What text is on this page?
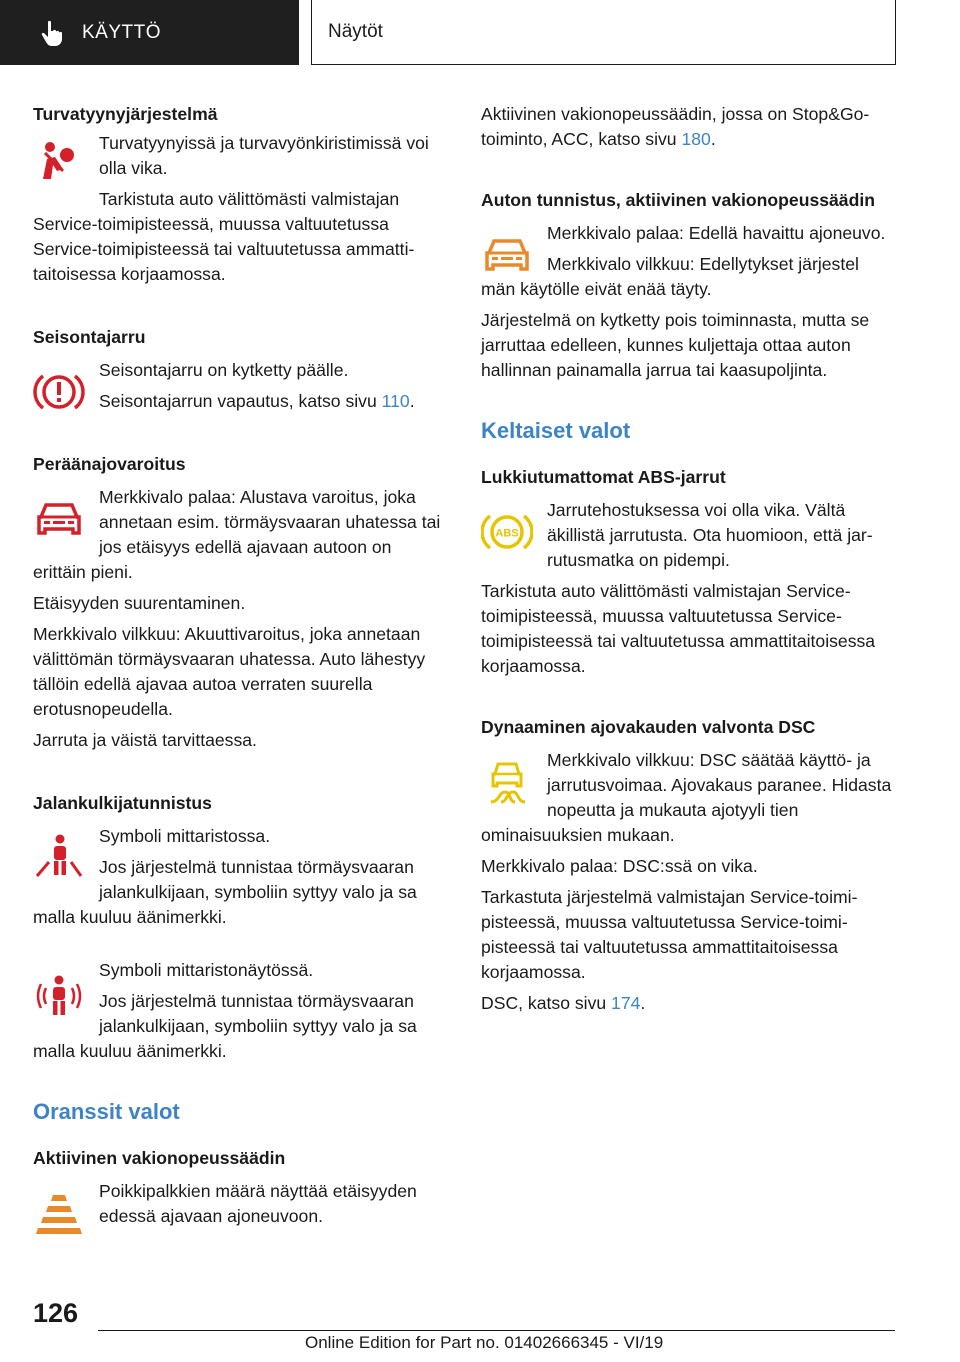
KÄYTTÖ	Näytöt
Turvatyynyjärjestelmä

Turvatyynyissä ja turvavyönkiristimissä voi olla vika.

Tarkistuta auto välittömästi valmistajan

Service-toimipisteessä, muussa valtuutetussa Service-toimipisteessä tai valtuutetussa ammattitaitoisessa korjaamossa.

Seisontajarru

Seisontajarru on kytketty päälle.

Seisontajarrun vapautus, katso sivu 110.

Peräänajovaroitus

Merkkivalo palaa: Alustava varoitus, joka annetaan esim. törmäysvaaran uhatessa tai jos etäisyys edellä ajavaan autoon on

erittäin pieni.

Etäisyyden suurentaminen.

Merkkivalo vilkkuu: Akuuttivaroitus, joka annetaan välittömän törmäysvaaran uhatessa. Auto lähestyy tällöin edellä ajavaa autoa verraten suurella erotusnopeudella.

Jarruta ja väistä tarvittaessa.

Jalankulkijatunnistus

Symboli mittaristossa.

Jos järjestelmä tunnistaa törmäysvaaran jalankulkijaan, symboliin syttyy valo ja sa

malla kuuluu äänimerkki.

Symboli mittaristonäytössä.

Jos järjestelmä tunnistaa törmäysvaaran jalankulkijaan, symboliin syttyy valo ja sa

malla kuuluu äänimerkki.

Oranssit valot
Aktiivinen vakionopeussäädin

Poikkipalkkien määrä näyttää etäisyyden edessä ajavaan ajoneuvoon.

Aktiivinen vakionopeussäädin, jossa on Stop&Go-toiminto, ACC, katso sivu 180.

Auton tunnistus, aktiivinen vakionopeussäädin

Merkkivalo palaa: Edellä havaittu ajoneuvo.

Merkkivalo vilkkuu: Edellytykset järjestel

män käytölle eivät enää täyty.

Järjestelmä on kytketty pois toiminnasta, mutta se jarruttaa edelleen, kunnes kuljettaja ottaa auton hallinnan painamalla jarrua tai kaasupoljinta.

Keltaiset valot
Lukkiutumattomat ABS-jarrut
ABS

Jarrutehostuksessa voi olla vika. Vältä äkillistä jarrutusta. Ota huomioon, että jarrutusmatka on pidempi.

Tarkistuta auto välittömästi valmistajan Service-toimipisteessä, muussa valtuutetussa Service-toimipisteessä tai valtuutetussa ammattitaitoisessa korjaamossa.

Dynaaminen ajovakauden valvonta DSC

Merkkivalo vilkkuu: DSC säätää käyttö- ja jarrutusvoimaa. Ajovakaus paranee. Hidasta nopeutta ja mukauta ajotyyli tien

ominaisuuksien mukaan.

Merkkivalo palaa: DSC:ssä on vika.

Tarkastuta järjestelmä valmistajan Service-toimipisteessä, muussa valtuutetussa Service-toimipisteessä tai valtuutetussa ammattitaitoisessa korjaamossa.

DSC, katso sivu 174.

126
Online Edition for Part no. 01402666345 - VI/19
